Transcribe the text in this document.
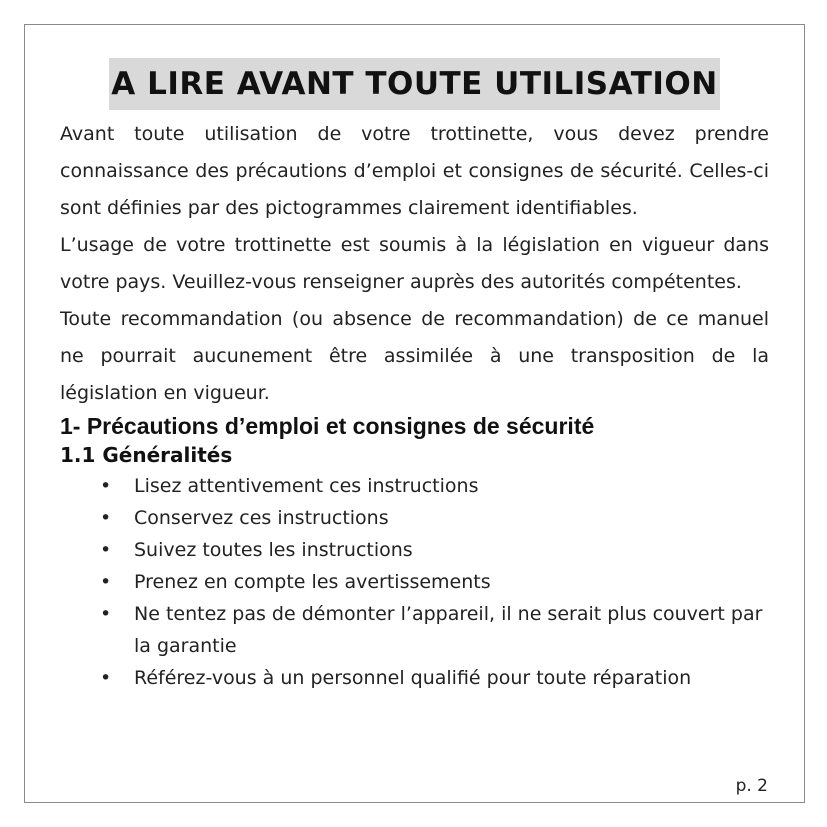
A LIRE AVANT TOUTE UTILISATION

Avant toute utilisation de votre trottinette, vous devez prendre connaissance des précautions d’emploi et consignes de sécurité. Celles-ci sont définies par des pictogrammes clairement identifiables.

L’usage de votre trottinette est soumis à la législation en vigueur dans votre pays. Veuillez-vous renseigner auprès des autorités compétentes.

Toute recommandation (ou absence de recommandation) de ce manuel ne pourrait aucunement être assimilée à une transposition de la législation en vigueur.

1- Précautions d’emploi et consignes de sécurité
1.1 Généralités
• Lisez attentivement ces instructions
• Conservez ces instructions
• Suivez toutes les instructions
• Prenez en compte les avertissements
• Ne tentez pas de démonter l’appareil, il ne serait plus couvert par la garantie
• Référez-vous à un personnel qualifié pour toute réparation
p. 2
